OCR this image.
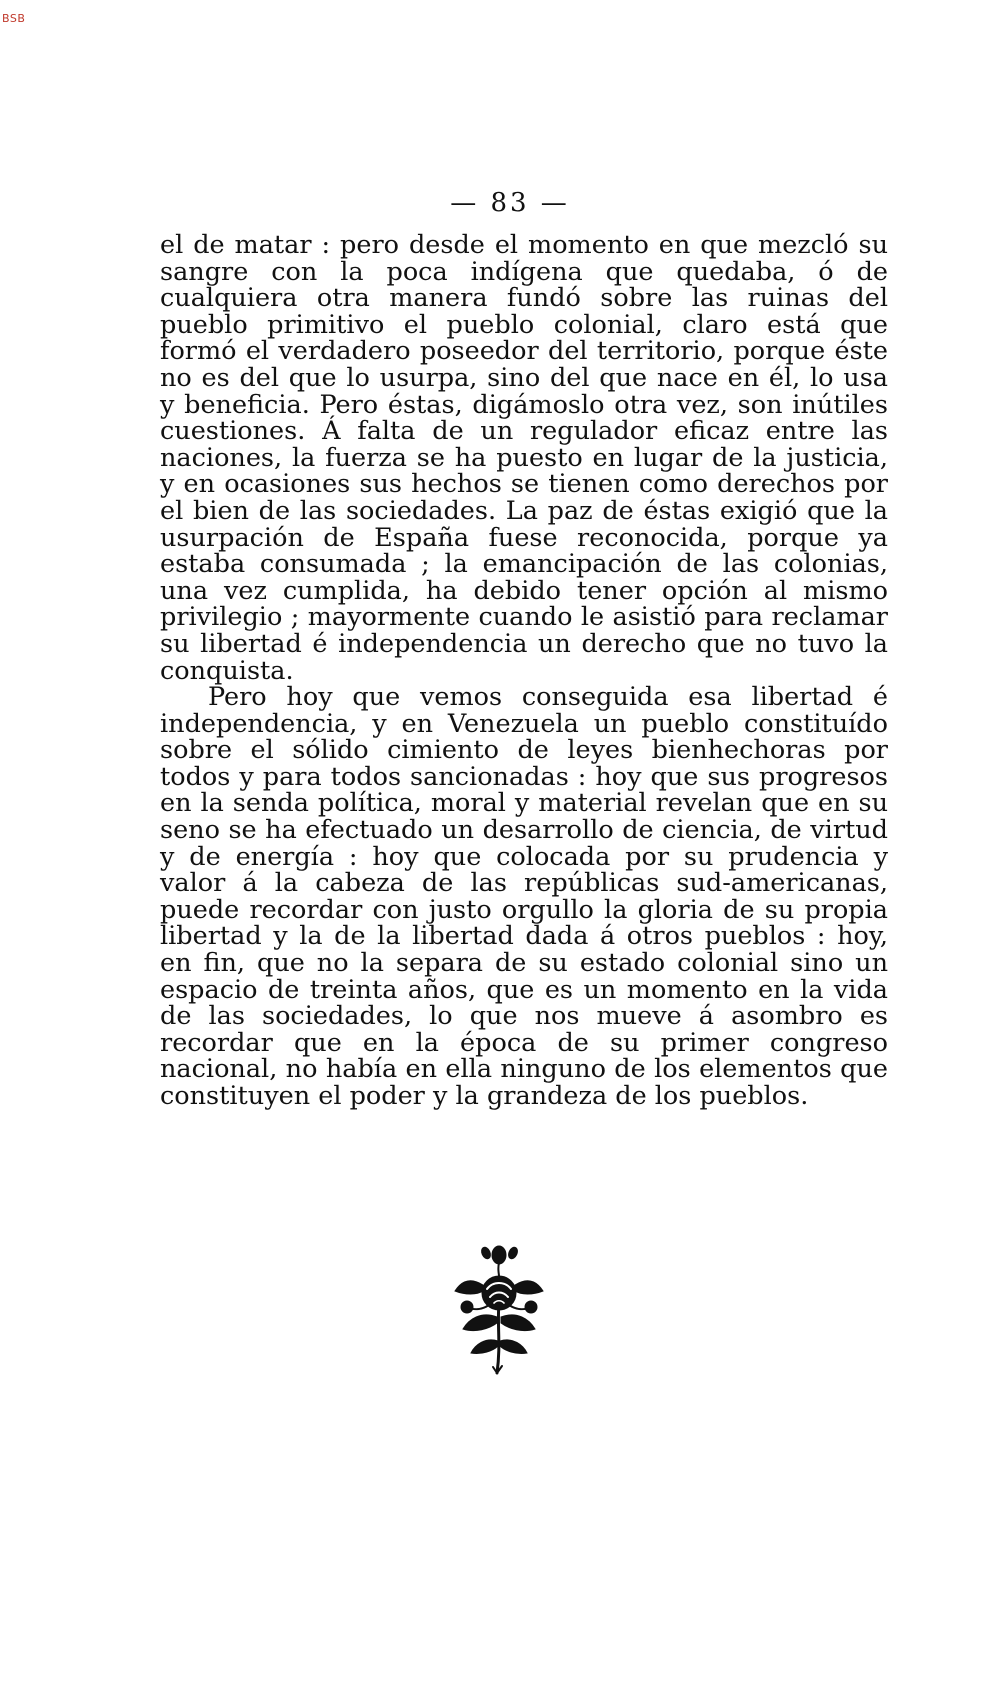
BSB
— 83 —

el de matar : pero desde el momento en que mezcló su sangre con la poca indígena que quedaba, ó de cualquiera otra manera fundó sobre las ruinas del pueblo primitivo el pueblo colonial, claro está que formó el verdadero poseedor del territorio, porque éste no es del que lo usurpa, sino del que nace en él, lo usa y beneficia. Pero éstas, digámoslo otra vez, son inútiles cuestiones. Á falta de un regulador eficaz entre las naciones, la fuerza se ha puesto en lugar de la justicia, y en ocasiones sus hechos se tienen como derechos por el bien de las sociedades. La paz de éstas exigió que la usurpación de España fuese reconocida, porque ya estaba consumada ; la emancipación de las colonias, una vez cumplida, ha debido tener opción al mismo privilegio ; mayormente cuando le asistió para reclamar su libertad é independencia un derecho que no tuvo la conquista.

Pero hoy que vemos conseguida esa libertad é independencia, y en Venezuela un pueblo constituído sobre el sólido cimiento de leyes bienhechoras por todos y para todos sancionadas : hoy que sus progresos en la senda política, moral y material revelan que en su seno se ha efectuado un desarrollo de ciencia, de virtud y de energía : hoy que colocada por su prudencia y valor á la cabeza de las repúblicas sud-americanas, puede recordar con justo orgullo la gloria de su propia libertad y la de la libertad dada á otros pueblos : hoy, en fin, que no la separa de su estado colonial sino un espacio de treinta años, que es un momento en la vida de las sociedades, lo que nos mueve á asombro es recordar que en la época de su primer congreso nacional, no había en ella ninguno de los elementos que constituyen el poder y la grandeza de los pueblos.
